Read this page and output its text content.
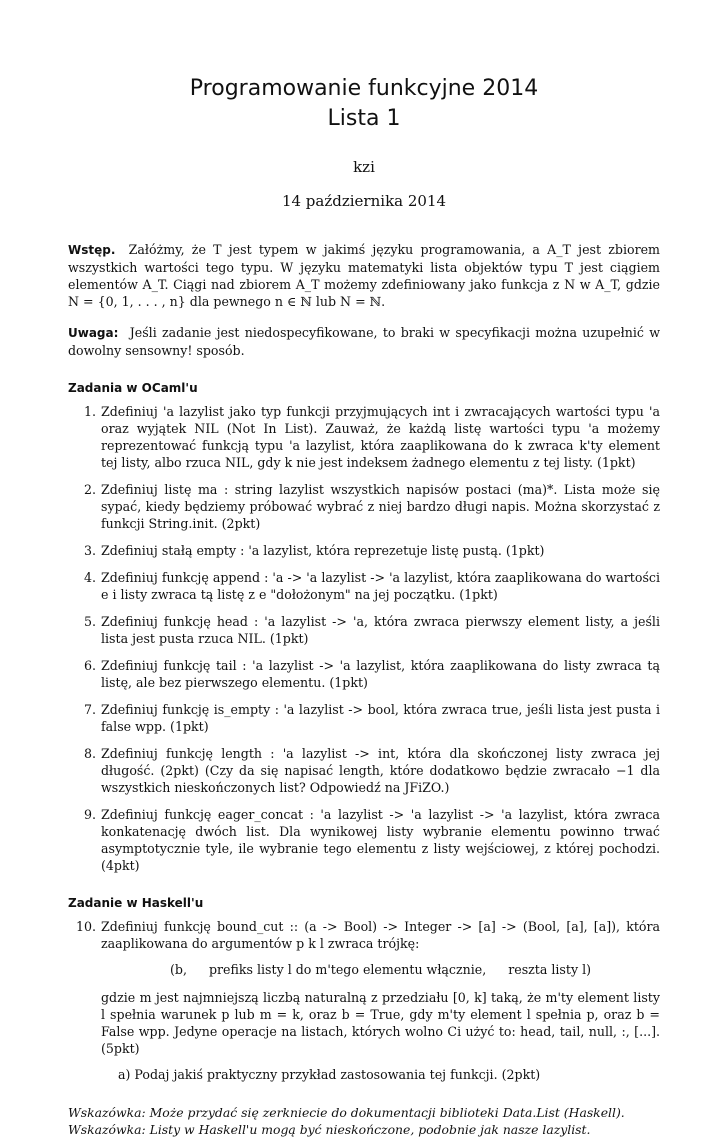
Programowanie funkcyjne 2014
Lista 1
kzi
14 października 2014
Wstęp. Załóżmy, że T jest typem w jakimś języku programowania, a A_T jest zbiorem wszystkich wartości tego typu. W języku matematyki lista objektów typu T jest ciągiem elementów A_T. Ciągi nad zbiorem A_T możemy zdefiniowany jako funkcja z N w A_T, gdzie N = {0, 1, . . . , n} dla pewnego n ∈ ℕ lub N = ℕ.
Uwaga: Jeśli zadanie jest niedospecyfikowane, to braki w specyfikacji można uzupełnić w dowolny sensowny! sposób.
Zadania w OCaml'u
1. Zdefiniuj 'a lazylist jako typ funkcji przyjmujących int i zwracających wartości typu 'a oraz wyjątek NIL (Not In List). Zauważ, że każdą listę wartości typu 'a możemy reprezentować funkcją typu 'a lazylist, która zaaplikowana do k zwraca k'ty element tej listy, albo rzuca NIL, gdy k nie jest indeksem żadnego elementu z tej listy. (1pkt)
2. Zdefiniuj listę ma : string lazylist wszystkich napisów postaci (ma)*. Lista może się sypać, kiedy będziemy próbować wybrać z niej bardzo długi napis. Można skorzystać z funkcji String.init. (2pkt)
3. Zdefiniuj stałą empty : 'a lazylist, która reprezetuje listę pustą. (1pkt)
4. Zdefiniuj funkcję append : 'a -> 'a lazylist -> 'a lazylist, która zaaplikowana do wartości e i listy zwraca tą listę z e "dołożonym" na jej początku. (1pkt)
5. Zdefiniuj funkcję head : 'a lazylist -> 'a, która zwraca pierwszy element listy, a jeśli lista jest pusta rzuca NIL. (1pkt)
6. Zdefiniuj funkcję tail : 'a lazylist -> 'a lazylist, która zaaplikowana do listy zwraca tą listę, ale bez pierwszego elementu. (1pkt)
7. Zdefiniuj funkcję is_empty : 'a lazylist -> bool, która zwraca true, jeśli lista jest pusta i false wpp. (1pkt)
8. Zdefiniuj funkcję length : 'a lazylist -> int, która dla skończonej listy zwraca jej długość. (2pkt) (Czy da się napisać length, które dodatkowo będzie zwracało −1 dla wszystkich nieskończonych list? Odpowiedź na JFiZO.)
9. Zdefiniuj funkcję eager_concat : 'a lazylist -> 'a lazylist -> 'a lazylist, która zwraca konkatenację dwóch list. Dla wynikowej listy wybranie elementu powinno trwać asymptotycznie tyle, ile wybranie tego elementu z listy wejściowej, z której pochodzi. (4pkt)
Zadanie w Haskell'u
10. Zdefiniuj funkcję bound_cut :: (a -> Bool) -> Integer -> [a] -> (Bool, [a], [a]), która zaaplikowana do argumentów p k l zwraca trójkę:
(b, prefiks listy l do m'tego elementu włącznie, reszta listy l)
gdzie m jest najmniejszą liczbą naturalną z przedziału [0, k] taką, że m'ty element listy l spełnia warunek p lub m = k, oraz b = True, gdy m'ty element l spełnia p, oraz b = False wpp. Jedyne operacje na listach, których wolno Ci użyć to: head, tail, null, :, [...]. (5pkt)
a) Podaj jakiś praktyczny przykład zastosowania tej funkcji. (2pkt)
Wskazówka: Może przydać się zerkniecie do dokumentacji biblioteki Data.List (Haskell).
Wskazówka: Listy w Haskell'u mogą być nieskończone, podobnie jak nasze lazylist.
